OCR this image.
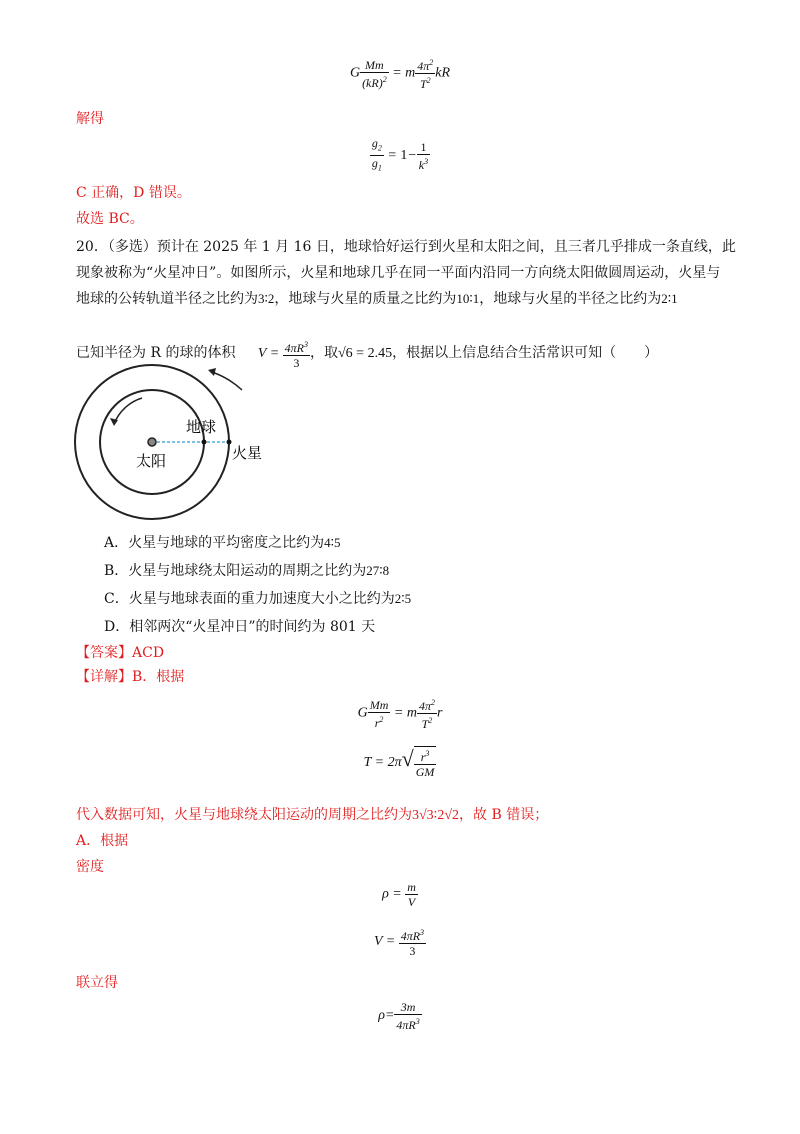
G $\frac{Mm}{(kR)^2} = m \frac{4\pi^2}{T^2}$ kR
解得
$\frac{g_2}{g_1} = 1- \frac{1}{k^3}$
C 正确，D 错误。
故选 BC。
20．（多选）预计在 2025 年 1 月 16 日，地球恰好运行到火星和太阳之间，且三者几乎排成一条直线，此
现象被称为“火星冲日”。如图所示，火星和地球几乎在同一平面内沿同一方向绕太阳做圆周运动，火星与
地球的公转轨道半径之比约为3∶2，地球与火星的质量之比约为10∶1，地球与火星的半径之比约为2∶1
已知半径为 R 的球的体积 $V = \frac{4\pi R^3}{3}$ ，取√6 = 2.45，根据以上信息结合生活常识可知（　　）
地球
太阳	火星
A．火星与地球的平均密度之比约为4∶5
B．火星与地球绕太阳运动的周期之比约为27∶8
C．火星与地球表面的重力加速度大小之比约为2∶5
D．相邻两次“火星冲日”的时间约为 801 天
【答案】ACD
【详解】B．根据
G $\frac{Mm}{r^2} = m \frac{4\pi^2}{T^2}$ r
$T = 2\pi√ \frac{r^3}{GM}$
代入数据可知，火星与地球绕太阳运动的周期之比约为3√3∶2√2，故 B 错误；
A．根据
密度
$\rho = \frac{m}{V}$
$V = \frac{4\pi R^3}{3}$
联立得
$\rho= \frac{3m}{4\pi R^3}$
